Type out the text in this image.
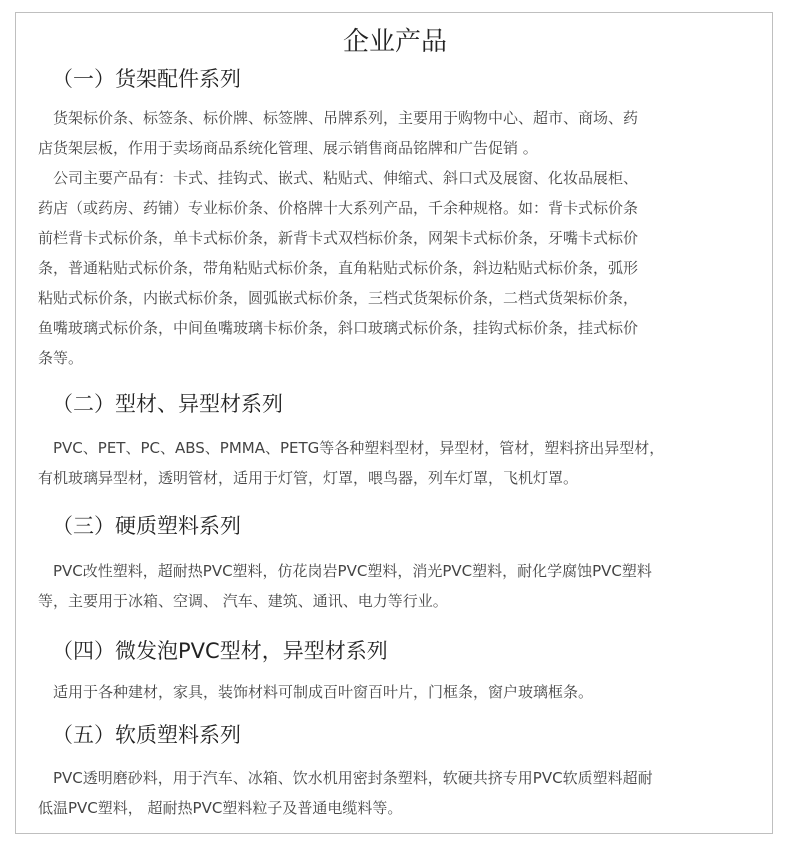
企业产品
（一）货架配件系列

　货架标价条、标签条、标价牌、标签牌、吊牌系列，主要用于购物中心、超市、商场、药
店货架层板，作用于卖场商品系统化管理、展示销售商品铭牌和广告促销 。

　公司主要产品有：卡式、挂钩式、嵌式、粘贴式、伸缩式、斜口式及展窗、化妆品展柜、
药店（或药房、药铺）专业标价条、价格牌十大系列产品，千余种规格。如：背卡式标价条
前栏背卡式标价条，单卡式标价条，新背卡式双档标价条，网架卡式标价条，牙嘴卡式标价
条，普通粘贴式标价条，带角粘贴式标价条，直角粘贴式标价条，斜边粘贴式标价条，弧形
粘贴式标价条，内嵌式标价条，圆弧嵌式标价条，三档式货架标价条，二档式货架标价条，
鱼嘴玻璃式标价条，中间鱼嘴玻璃卡标价条，斜口玻璃式标价条，挂钩式标价条，挂式标价
条等。

（二）型材、异型材系列

　PVC、PET、PC、ABS、PMMA、PETG等各种塑料型材，异型材，管材，塑料挤出异型材，
有机玻璃异型材，透明管材，适用于灯管，灯罩，喂鸟器，列车灯罩，飞机灯罩。

（三）硬质塑料系列

　PVC改性塑料，超耐热PVC塑料，仿花岗岩PVC塑料，消光PVC塑料，耐化学腐蚀PVC塑料
等，主要用于冰箱、空调、 汽车、建筑、通讯、电力等行业。

（四）微发泡PVC型材，异型材系列

　适用于各种建材，家具，装饰材料可制成百叶窗百叶片，门框条，窗户玻璃框条。

（五）软质塑料系列

　PVC透明磨砂料，用于汽车、冰箱、饮水机用密封条塑料，软硬共挤专用PVC软质塑料超耐
低温PVC塑料， 超耐热PVC塑料粒子及普通电缆料等。
